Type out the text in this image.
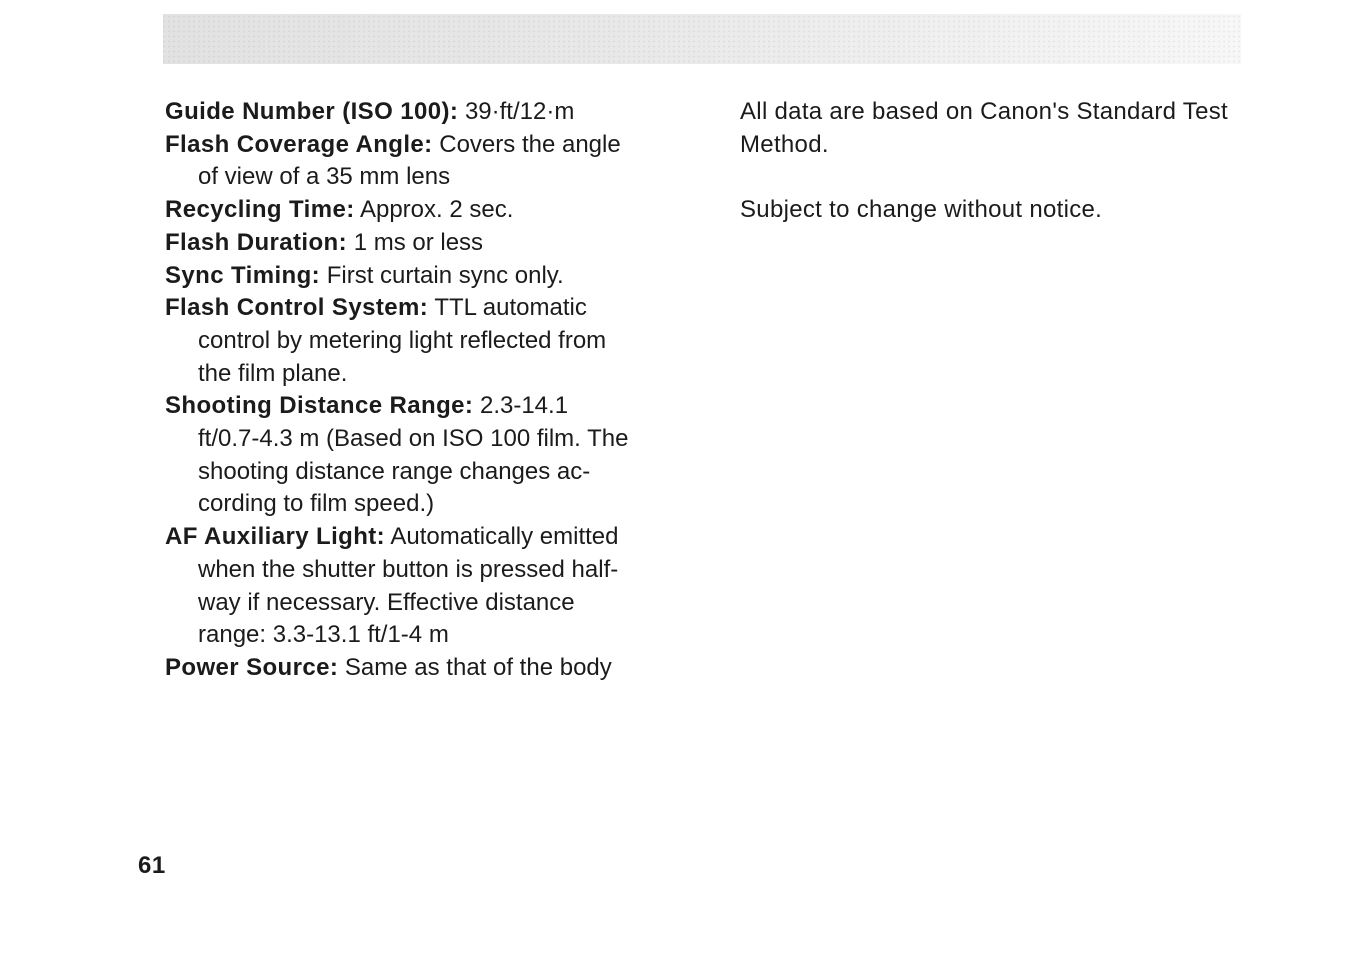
Guide Number (ISO 100): 39·ft/12·m

Flash Coverage Angle: Covers the angle
of view of a 35 mm lens

Recycling Time: Approx. 2 sec.

Flash Duration: 1 ms or less

Sync Timing: First curtain sync only.

Flash Control System: TTL automatic
control by metering light reflected from
the film plane.

Shooting Distance Range: 2.3-14.1
ft/0.7-4.3 m (Based on ISO 100 film. The
shooting distance range changes ac-
cording to film speed.)

AF Auxiliary Light: Automatically emitted
when the shutter button is pressed half-
way if necessary. Effective distance
range: 3.3-13.1 ft/1-4 m

Power Source: Same as that of the body

All data are based on Canon's Standard Test Method.

Subject to change without notice.

61
